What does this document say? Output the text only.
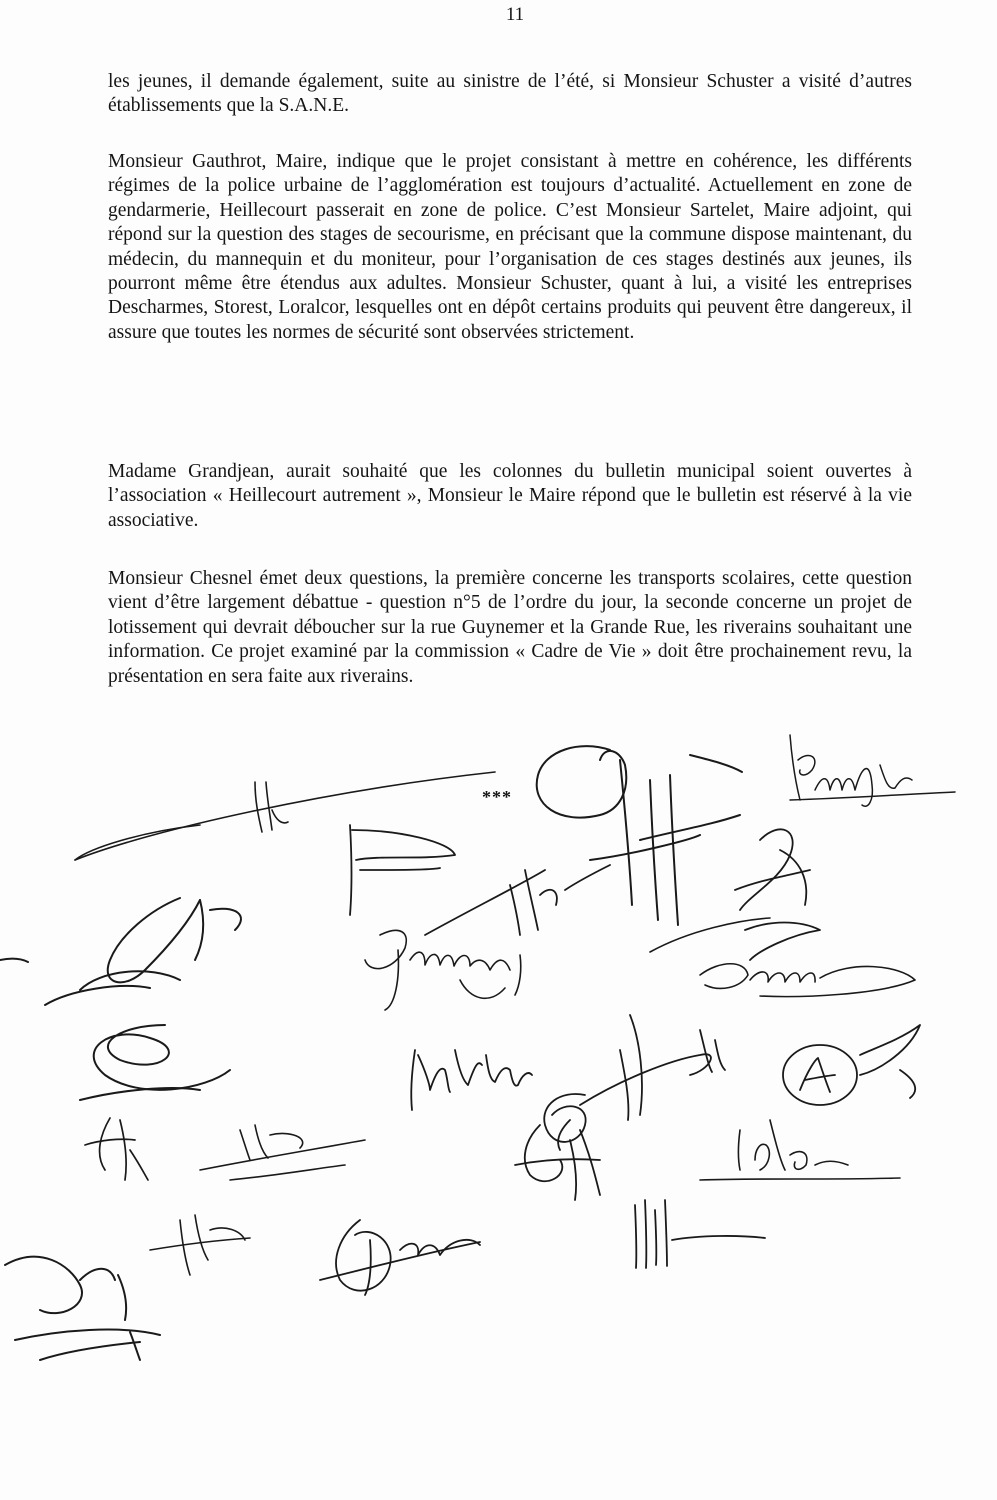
11

les jeunes, il demande également, suite au sinistre de l’été, si Monsieur Schuster a visité d’autres établissements que la S.A.N.E.

Monsieur Gauthrot, Maire, indique que le projet consistant à mettre en cohérence, les différents régimes de la police urbaine de l’agglomération est toujours d’actualité. Actuellement en zone de gendarmerie, Heillecourt passerait en zone de police. C’est Monsieur Sartelet, Maire adjoint, qui répond sur la question des stages de secourisme, en précisant que la commune dispose maintenant, du médecin, du mannequin et du moniteur, pour l’organisation de ces stages destinés aux jeunes, ils pourront même être étendus aux adultes. Monsieur Schuster, quant à lui, a visité les entreprises Descharmes, Storest, Loralcor, lesquelles ont en dépôt certains produits qui peuvent être dangereux, il assure que toutes les normes de sécurité sont observées strictement.

Madame Grandjean, aurait souhaité que les colonnes du bulletin municipal soient ouvertes à l’association « Heillecourt autrement », Monsieur le Maire répond que le bulletin est réservé à la vie associative.

Monsieur Chesnel émet deux questions, la première concerne les transports scolaires, cette question vient d’être largement débattue - question n°5 de l’ordre du jour, la seconde concerne un projet de lotissement qui devrait déboucher sur la rue Guynemer et la Grande Rue, les riverains souhaitant une information. Ce projet examiné par la commission « Cadre de Vie » doit être prochainement revu, la présentation en sera faite aux riverains.

***
